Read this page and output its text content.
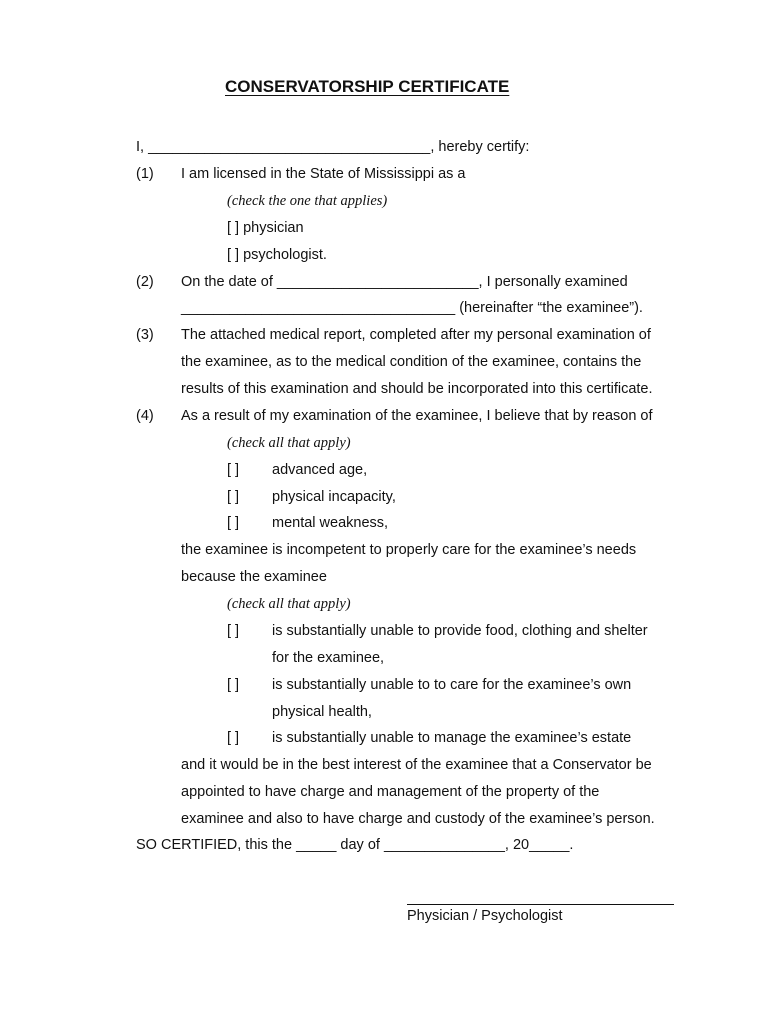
CONSERVATORSHIP CERTIFICATE
I, ___________________________________, hereby certify:
(1) I am licensed in the State of Mississippi as a
(check the one that applies)
[ ] physician
[ ] psychologist.
(2) On the date of _________________________, I personally examined
__________________________________ (hereinafter “the examinee”).
(3) The attached medical report, completed after my personal examination of
the examinee, as to the medical condition of the examinee, contains the
results of this examination and should be incorporated into this certificate.
(4) As a result of my examination of the examinee, I believe that by reason of
(check all that apply)
[ ] advanced age,
[ ] physical incapacity,
[ ] mental weakness,
the examinee is incompetent to properly care for the examinee’s needs
because the examinee
(check all that apply)
[ ] is substantially unable to provide food, clothing and shelter
for the examinee,
[ ] is substantially unable to to care for the examinee’s own
physical health,
[ ] is substantially unable to manage the examinee’s estate
and it would be in the best interest of the examinee that a Conservator be
appointed to have charge and management of the property of the
examinee and also to have charge and custody of the examinee’s person.
SO CERTIFIED, this the _____ day of _______________, 20_____.
Physician / Psychologist
